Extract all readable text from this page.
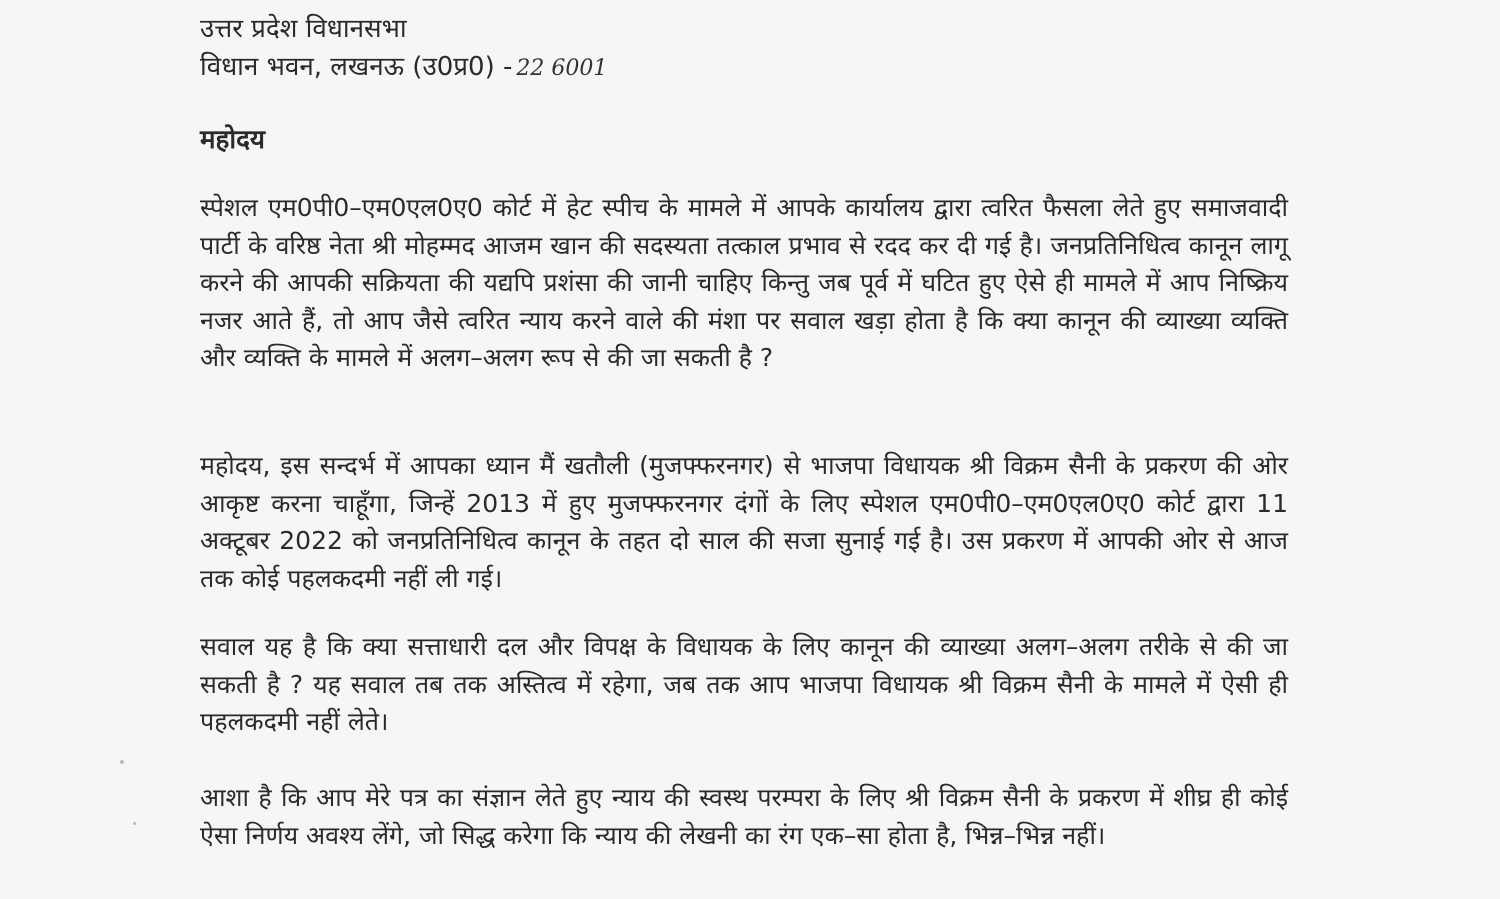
उत्तर प्रदेश विधानसभा
विधान भवन, लखनऊ (उ0प्र0) - 22 6001
महोदय
स्पेशल एम0पी0–एम0एल0ए0 कोर्ट में हेट स्पीच के मामले में आपके कार्यालय द्वारा त्वरित फैसला लेते हुए समाजवादी पार्टी के वरिष्ठ नेता श्री मोहम्मद आजम खान की सदस्यता तत्काल प्रभाव से रदद कर दी गई है। जनप्रतिनिधित्व कानून लागू करने की आपकी सक्रियता की यद्यपि प्रशंसा की जानी चाहिए किन्तु जब पूर्व में घटित हुए ऐसे ही मामले में आप निष्क्रिय नजर आते हैं, तो आप जैसे त्वरित न्याय करने वाले की मंशा पर सवाल खड़ा होता है कि क्या कानून की व्याख्या व्यक्ति और व्यक्ति के मामले में अलग–अलग रूप से की जा सकती है ?
महोदय, इस सन्दर्भ में आपका ध्यान मैं खतौली (मुजफ्फरनगर) से भाजपा विधायक श्री विक्रम सैनी के प्रकरण की ओर आकृष्ट करना चाहूँगा, जिन्हें 2013 में हुए मुजफ्फरनगर दंगों के लिए स्पेशल एम0पी0–एम0एल0ए0 कोर्ट द्वारा 11 अक्टूबर 2022 को जनप्रतिनिधित्व कानून के तहत दो साल की सजा सुनाई गई है। उस प्रकरण में आपकी ओर से आज तक कोई पहलकदमी नहीं ली गई।
सवाल यह है कि क्या सत्ताधारी दल और विपक्ष के विधायक के लिए कानून की व्याख्या अलग–अलग तरीके से की जा सकती है ? यह सवाल तब तक अस्तित्व में रहेगा, जब तक आप भाजपा विधायक श्री विक्रम सैनी के मामले में ऐसी ही पहलकदमी नहीं लेते।
आशा है कि आप मेरे पत्र का संज्ञान लेते हुए न्याय की स्वस्थ परम्परा के लिए श्री विक्रम सैनी के प्रकरण में शीघ्र ही कोई ऐसा निर्णय अवश्य लेंगे, जो सिद्ध करेगा कि न्याय की लेखनी का रंग एक–सा होता है, भिन्न–भिन्न नहीं।
